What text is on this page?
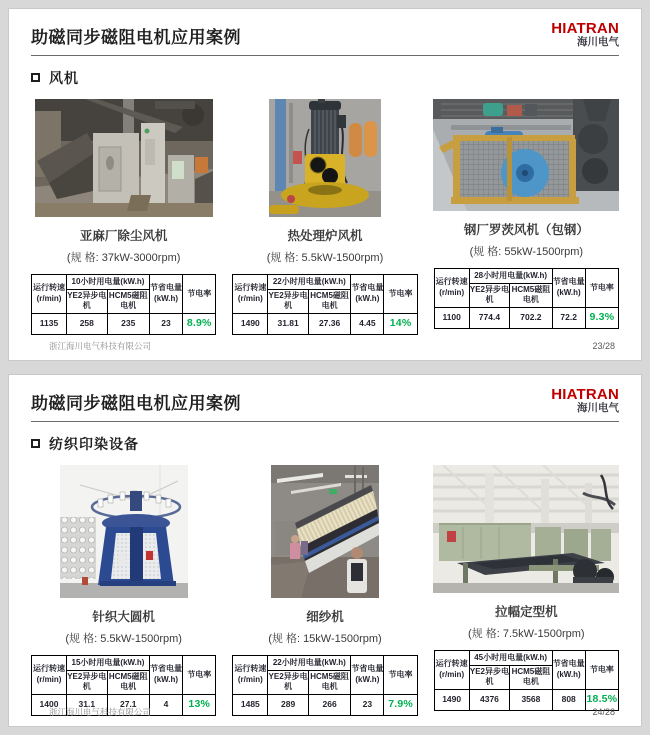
助磁同步磁阻电机应用案例	HIATRAN
海川电气
风机
亚麻厂除尘风机
(规 格: 37kW-3000rpm)
运行转速 (r/min)	10小时用电量(kW.h)		节省电量 (kW.h)	节电率
	YE2异步电机	HCM5磁阻电机		
1135	258	235	23	8.9%
热处理炉风机
(规 格: 5.5kW-1500rpm)
运行转速 (r/min)	22小时用电量(kW.h)		节省电量 (kW.h)	节电率
	YE2异步电机	HCM5磁阻电机		
1490	31.81	27.36	4.45	14%
钢厂罗茨风机（包钢）
(规 格: 55kW-1500rpm)
运行转速 (r/min)	28小时用电量(kW.h)		节省电量 (kW.h)	节电率
	YE2异步电机	HCM5磁阻电机		
1100	774.4	702.2	72.2	9.3%
浙江海川电气科技有限公司	23/28
助磁同步磁阻电机应用案例	HIATRAN
海川电气
纺织印染设备
针织大圆机
(规 格: 5.5kW-1500rpm)
运行转速 (r/min)	15小时用电量(kW.h)		节省电量 (kW.h)	节电率
	YE2异步电机	HCM5磁阻电机		
1400	31.1	27.1	4	13%
细纱机
(规 格: 15kW-1500rpm)
运行转速 (r/min)	22小时用电量(kW.h)		节省电量 (kW.h)	节电率
	YE2异步电机	HCM5磁阻电机		
1485	289	266	23	7.9%
拉幅定型机
(规 格: 7.5kW-1500rpm)
运行转速 (r/min)	45小时用电量(kW.h)		节省电量 (kW.h)	节电率
	YE2异步电机	HCM5磁阻电机		
1490	4376	3568	808	18.5%
浙江海川电气科技有限公司	24/28
